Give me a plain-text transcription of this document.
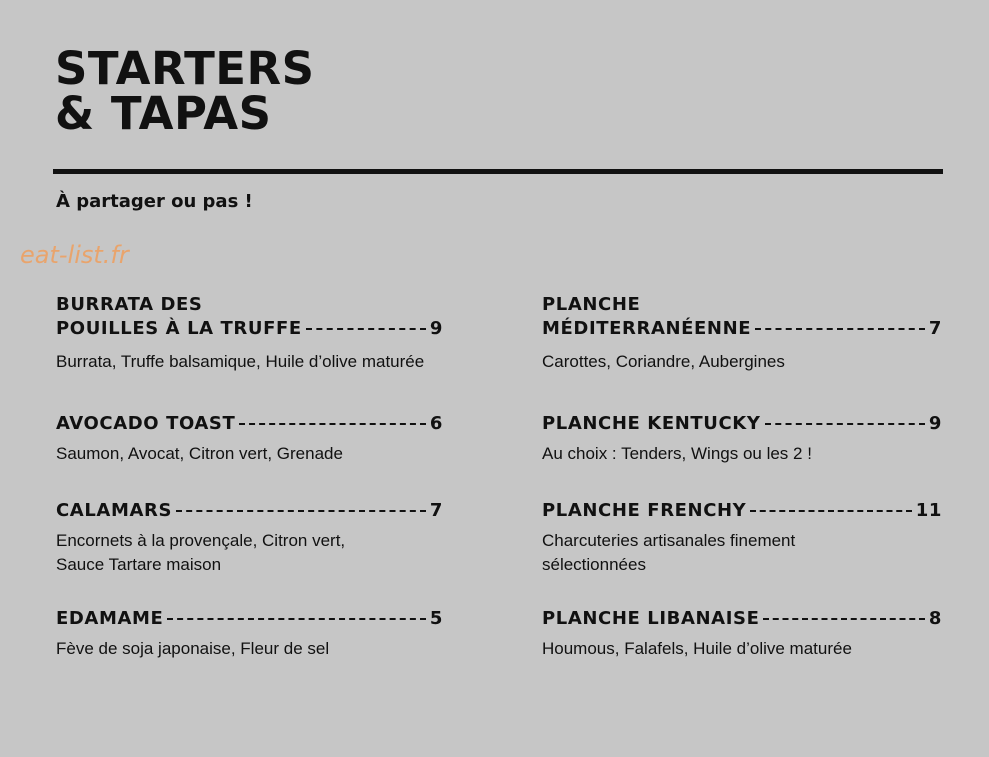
STARTERS
& TAPAS
À partager ou pas !
eat-list.fr
BURRATA DES
POUILLES À LA TRUFFE	9
Burrata, Truffe balsamique, Huile d’olive maturée
AVOCADO TOAST	6
Saumon, Avocat, Citron vert, Grenade
CALAMARS	7
Encornets à la provençale, Citron vert,
Sauce Tartare maison
EDAMAME	5
Fève de soja japonaise, Fleur de sel
PLANCHE
MÉDITERRANÉENNE	7
Carottes, Coriandre, Aubergines
PLANCHE KENTUCKY	9
Au choix : Tenders, Wings ou les 2 !
PLANCHE FRENCHY	11
Charcuteries artisanales finement
sélectionnées
PLANCHE LIBANAISE	8
Houmous, Falafels, Huile d’olive maturée
